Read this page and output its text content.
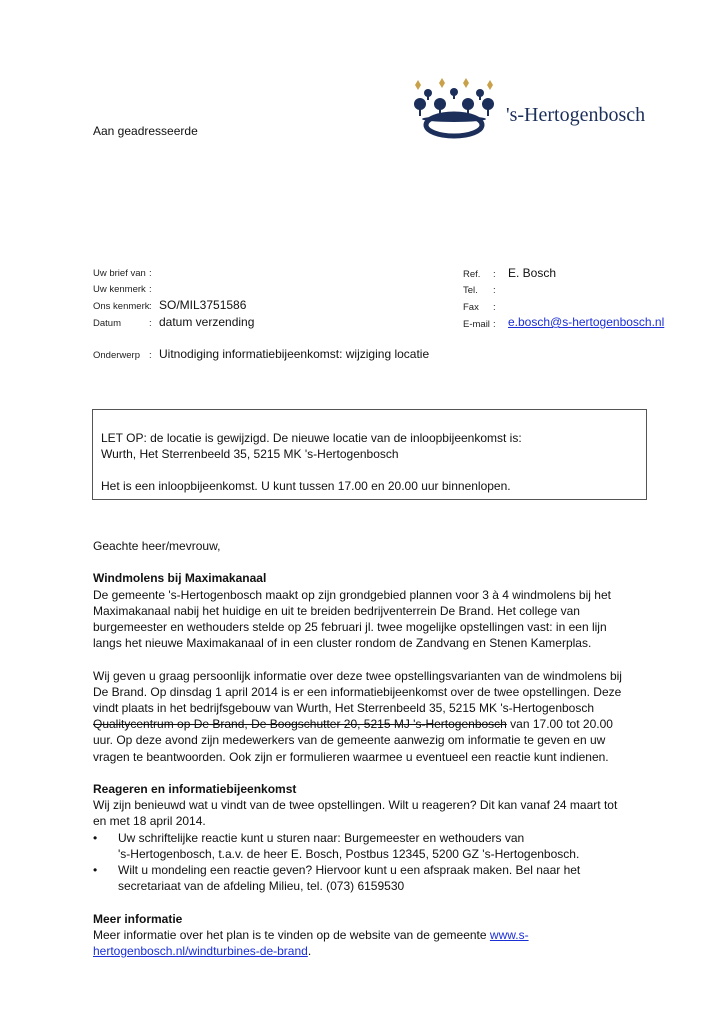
's-Hertogenbosch
Aan geadresseerde
Uw brief van :
Uw kenmerk :
Ons kenmerk : SO/MIL3751586
Datum	: datum verzending
Ref. : E. Bosch
Tel. :
Fax :
E-mail : e.bosch@s-hertogenbosch.nl
Onderwerp : Uitnodiging informatiebijeenkomst: wijziging locatie

LET OP: de locatie is gewijzigd. De nieuwe locatie van de inloopbijeenkomst is:

Wurth, Het Sterrenbeeld 35, 5215 MK 's-Hertogenbosch

Het is een inloopbijeenkomst. U kunt tussen 17.00 en 20.00 uur binnenlopen.

Geachte heer/mevrouw,

Windmolens bij Maximakanaal

De gemeente 's-Hertogenbosch maakt op zijn grondgebied plannen voor 3 à 4 windmolens bij het

Maximakanaal nabij het huidige en uit te breiden bedrijventerrein De Brand. Het college van

burgemeester en wethouders stelde op 25 februari jl. twee mogelijke opstellingen vast: in een lijn

langs het nieuwe Maximakanaal of in een cluster rondom de Zandvang en Stenen Kamerplas.

Wij geven u graag persoonlijk informatie over deze twee opstellingsvarianten van de windmolens bij

De Brand. Op dinsdag 1 april 2014 is er een informatiebijeenkomst over de twee opstellingen. Deze

vindt plaats in het bedrijfsgebouw van Wurth, Het Sterrenbeeld 35, 5215 MK 's-Hertogenbosch

Qualitycentrum op De Brand, De Boogschutter 20, 5215 MJ 's-Hertogenbosch van 17.00 tot 20.00

uur. Op deze avond zijn medewerkers van de gemeente aanwezig om informatie te geven en uw

vragen te beantwoorden. Ook zijn er formulieren waarmee u eventueel een reactie kunt indienen.

Reageren en informatiebijeenkomst

Wij zijn benieuwd wat u vindt van de twee opstellingen. Wilt u reageren? Dit kan vanaf 24 maart tot

en met 18 april 2014.

• Uw schriftelijke reactie kunt u sturen naar: Burgemeester en wethouders van
's-Hertogenbosch, t.a.v. de heer E. Bosch, Postbus 12345, 5200 GZ 's-Hertogenbosch.
• Wilt u mondeling een reactie geven? Hiervoor kunt u een afspraak maken. Bel naar het
secretariaat van de afdeling Milieu, tel. (073) 6159530

Meer informatie

Meer informatie over het plan is te vinden op de website van de gemeente www.s-

hertogenbosch.nl/windturbines-de-brand.
